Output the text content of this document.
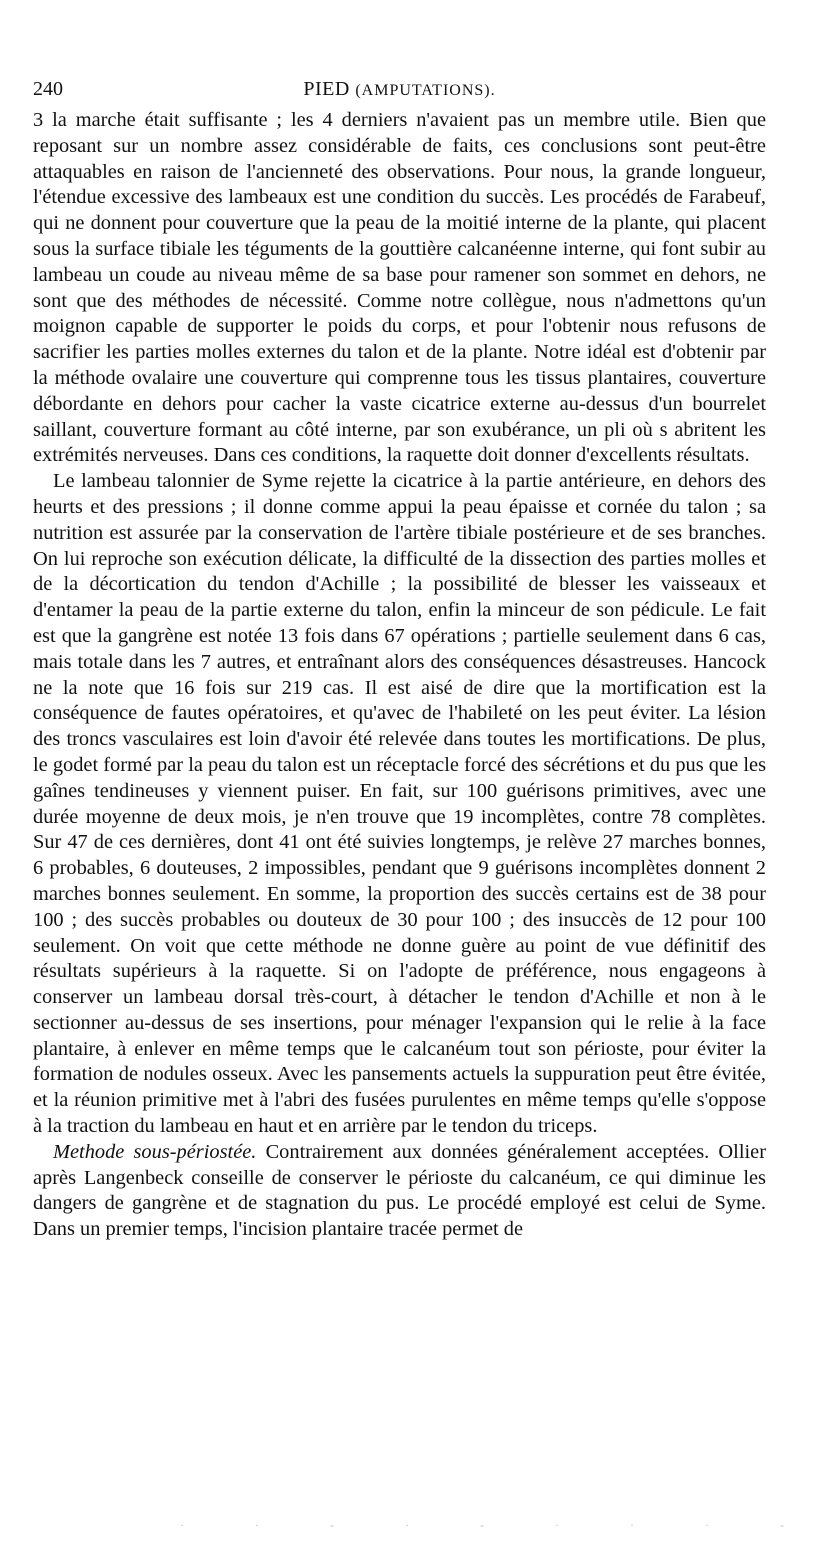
240	PIED (AMPUTATIONS).

3 la marche était suffisante ; les 4 derniers n'avaient pas un membre utile. Bien que reposant sur un nombre assez considérable de faits, ces conclusions sont peut-être attaquables en raison de l'ancienneté des observations. Pour nous, la grande longueur, l'étendue excessive des lambeaux est une condition du succès. Les procédés de Farabeuf, qui ne donnent pour couverture que la peau de la moitié interne de la plante, qui placent sous la surface tibiale les téguments de la gouttière calcanéenne interne, qui font subir au lambeau un coude au niveau même de sa base pour ramener son sommet en dehors, ne sont que des méthodes de nécessité. Comme notre collègue, nous n'admettons qu'un moignon capable de supporter le poids du corps, et pour l'obtenir nous refusons de sacrifier les parties molles externes du talon et de la plante. Notre idéal est d'obtenir par la méthode ovalaire une couverture qui comprenne tous les tissus plantaires, couverture débordante en dehors pour cacher la vaste cicatrice externe au-dessus d'un bourrelet saillant, couverture formant au côté interne, par son exubérance, un pli où s abritent les extrémités nerveuses. Dans ces conditions, la raquette doit donner d'excellents résultats.

Le lambeau talonnier de Syme rejette la cicatrice à la partie antérieure, en dehors des heurts et des pressions ; il donne comme appui la peau épaisse et cornée du talon ; sa nutrition est assurée par la conservation de l'artère tibiale postérieure et de ses branches. On lui reproche son exécution délicate, la difficulté de la dissection des parties molles et de la décortication du tendon d'Achille ; la possibilité de blesser les vaisseaux et d'entamer la peau de la partie externe du talon, enfin la minceur de son pédicule. Le fait est que la gangrène est notée 13 fois dans 67 opérations ; partielle seulement dans 6 cas, mais totale dans les 7 autres, et entraînant alors des conséquences désastreuses. Hancock ne la note que 16 fois sur 219 cas. Il est aisé de dire que la mortification est la conséquence de fautes opératoires, et qu'avec de l'habileté on les peut éviter. La lésion des troncs vasculaires est loin d'avoir été relevée dans toutes les mortifications. De plus, le godet formé par la peau du talon est un réceptacle forcé des sécrétions et du pus que les gaînes tendineuses y viennent puiser. En fait, sur 100 guérisons primitives, avec une durée moyenne de deux mois, je n'en trouve que 19 incomplètes, contre 78 complètes. Sur 47 de ces dernières, dont 41 ont été suivies longtemps, je relève 27 marches bonnes, 6 probables, 6 douteuses, 2 impossibles, pendant que 9 guérisons incomplètes donnent 2 marches bonnes seulement. En somme, la proportion des succès certains est de 38 pour 100 ; des succès probables ou douteux de 30 pour 100 ; des insuccès de 12 pour 100 seulement. On voit que cette méthode ne donne guère au point de vue définitif des résultats supérieurs à la raquette. Si on l'adopte de préférence, nous engageons à conserver un lambeau dorsal très-court, à détacher le tendon d'Achille et non à le sectionner au-dessus de ses insertions, pour ménager l'expansion qui le relie à la face plantaire, à enlever en même temps que le calcanéum tout son périoste, pour éviter la formation de nodules osseux. Avec les pansements actuels la suppuration peut être évitée, et la réunion primitive met à l'abri des fusées purulentes en même temps qu'elle s'oppose à la traction du lambeau en haut et en arrière par le tendon du triceps.

Methode sous-périostée. Contrairement aux données généralement acceptées. Ollier après Langenbeck conseille de conserver le périoste du calcanéum, ce qui diminue les dangers de gangrène et de stagnation du pus. Le procédé employé est celui de Syme. Dans un premier temps, l'incision plantaire tracée permet de

· · - · - · · · -
